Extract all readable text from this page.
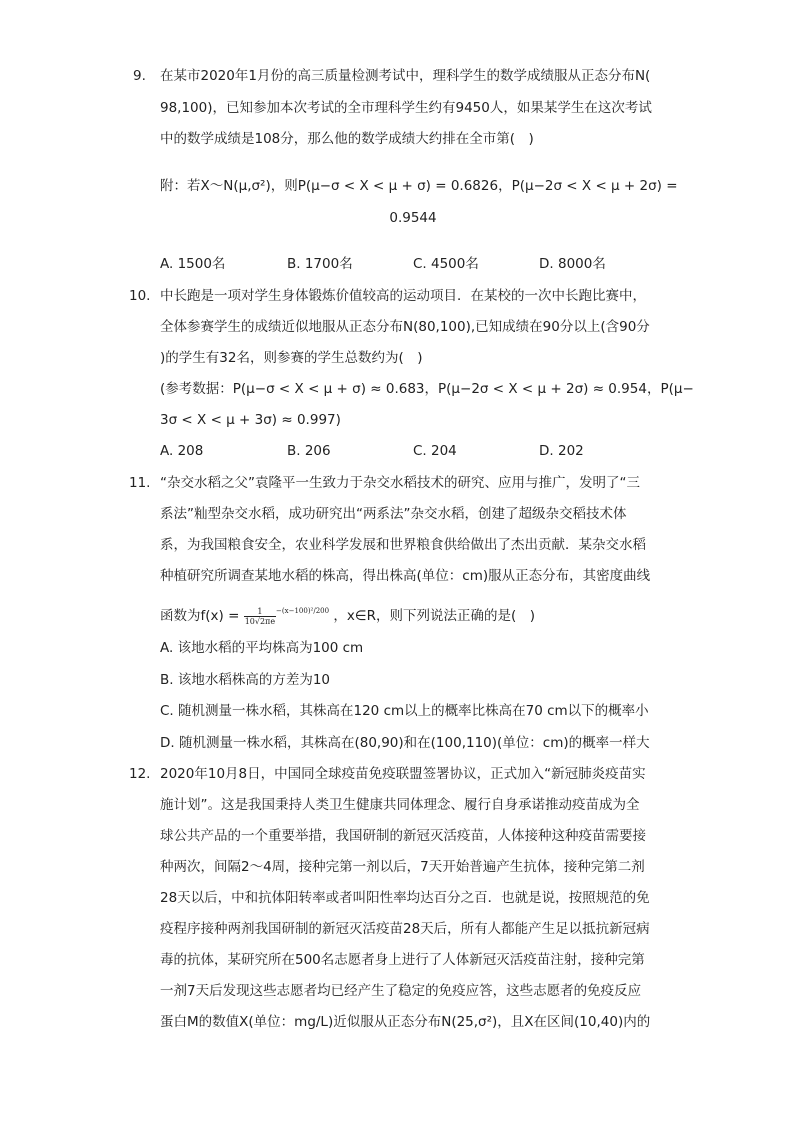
9. 在某市2020年1月份的高三质量检测考试中，理科学生的数学成绩服从正态分布N(
98,100)，已知参加本次考试的全市理科学生约有9450人，如果某学生在这次考试
中的数学成绩是108分，那么他的数学成绩大约排在全市第(　)
附：若X～N(μ,σ²)，则P(μ−σ < X < μ + σ) = 0.6826，P(μ−2σ < X < μ + 2σ) =
0.9544
A. 1500名	B. 1700名	C. 4500名	D. 8000名
10. 中长跑是一项对学生身体锻炼价值较高的运动项目．在某校的一次中长跑比赛中，
全体参赛学生的成绩近似地服从正态分布N(80,100),已知成绩在90分以上(含90分
)的学生有32名，则参赛的学生总数约为(　)
(参考数据：P(μ−σ < X < μ + σ) ≈ 0.683，P(μ−2σ < X < μ + 2σ) ≈ 0.954，P(μ−
3σ < X < μ + 3σ) ≈ 0.997)
A. 208	B. 206	C. 204	D. 202
11. “杂交水稻之父”袁隆平一生致力于杂交水稻技术的研究、应用与推广，发明了“三
系法”籼型杂交水稻，成功研究出“两系法”杂交水稻，创建了超级杂交稻技术体
系，为我国粮食安全，农业科学发展和世界粮食供给做出了杰出贡献．某杂交水稻
种植研究所调查某地水稻的株高，得出株高(单位：cm)服从正态分布，其密度曲线
函数为$f(x) = \frac{1}{10√2\pi e} ^{-(x-100)^2/200}$ ，x∈R，则下列说法正确的是(　)
A. 该地水稻的平均株高为100 cm
B. 该地水稻株高的方差为10
C. 随机测量一株水稻，其株高在120 cm以上的概率比株高在70 cm以下的概率小
D. 随机测量一株水稻，其株高在(80,90)和在(100,110)(单位：cm)的概率一样大
12. 2020年10月8日，中国同全球疫苗免疫联盟签署协议，正式加入“新冠肺炎疫苗实
施计划”。这是我国秉持人类卫生健康共同体理念、履行自身承诺推动疫苗成为全
球公共产品的一个重要举措，我国研制的新冠灭活疫苗，人体接种这种疫苗需要接
种两次，间隔2～4周，接种完第一剂以后，7天开始普遍产生抗体，接种完第二剂
28天以后，中和抗体阳转率或者叫阳性率均达百分之百．也就是说，按照规范的免
疫程序接种两剂我国研制的新冠灭活疫苗28天后，所有人都能产生足以抵抗新冠病
毒的抗体，某研究所在500名志愿者身上进行了人体新冠灭活疫苗注射，接种完第
一剂7天后发现这些志愿者均已经产生了稳定的免疫应答，这些志愿者的免疫反应
蛋白M的数值X(单位：mg/L)近似服从正态分布N(25,σ²)，且X在区间(10,40)内的
